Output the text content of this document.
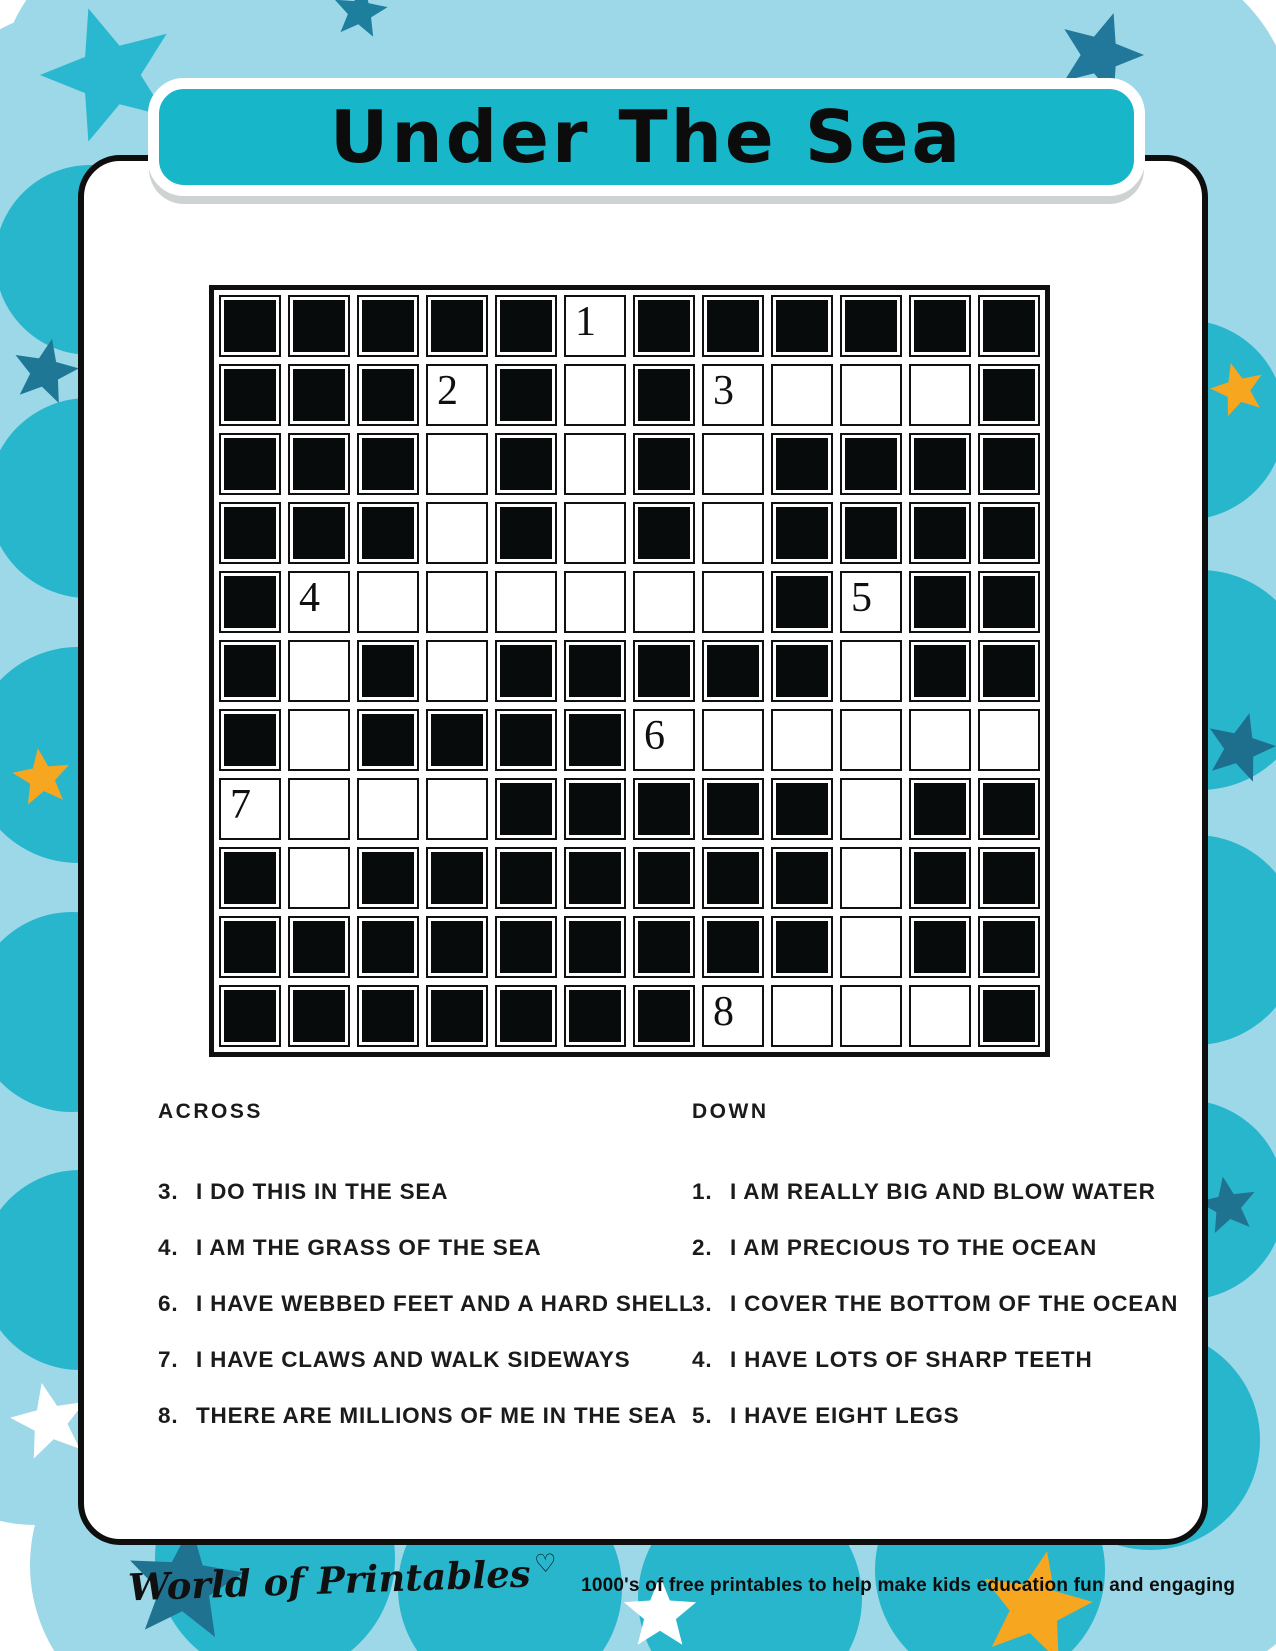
Under The Sea
1
2	3
4	5
6
7
8
ACROSS
3. I DO THIS IN THE SEA
4. I AM THE GRASS OF THE SEA
6. I HAVE WEBBED FEET AND A HARD SHELL
7. I HAVE CLAWS AND WALK SIDEWAYS
8. THERE ARE MILLIONS OF ME IN THE SEA
DOWN
1. I AM REALLY BIG AND BLOW WATER
2. I AM PRECIOUS TO THE OCEAN
3. I COVER THE BOTTOM OF THE OCEAN
4. I HAVE LOTS OF SHARP TEETH
5. I HAVE EIGHT LEGS
World of Printables♡
1000's of free printables to help make kids education fun and engaging
